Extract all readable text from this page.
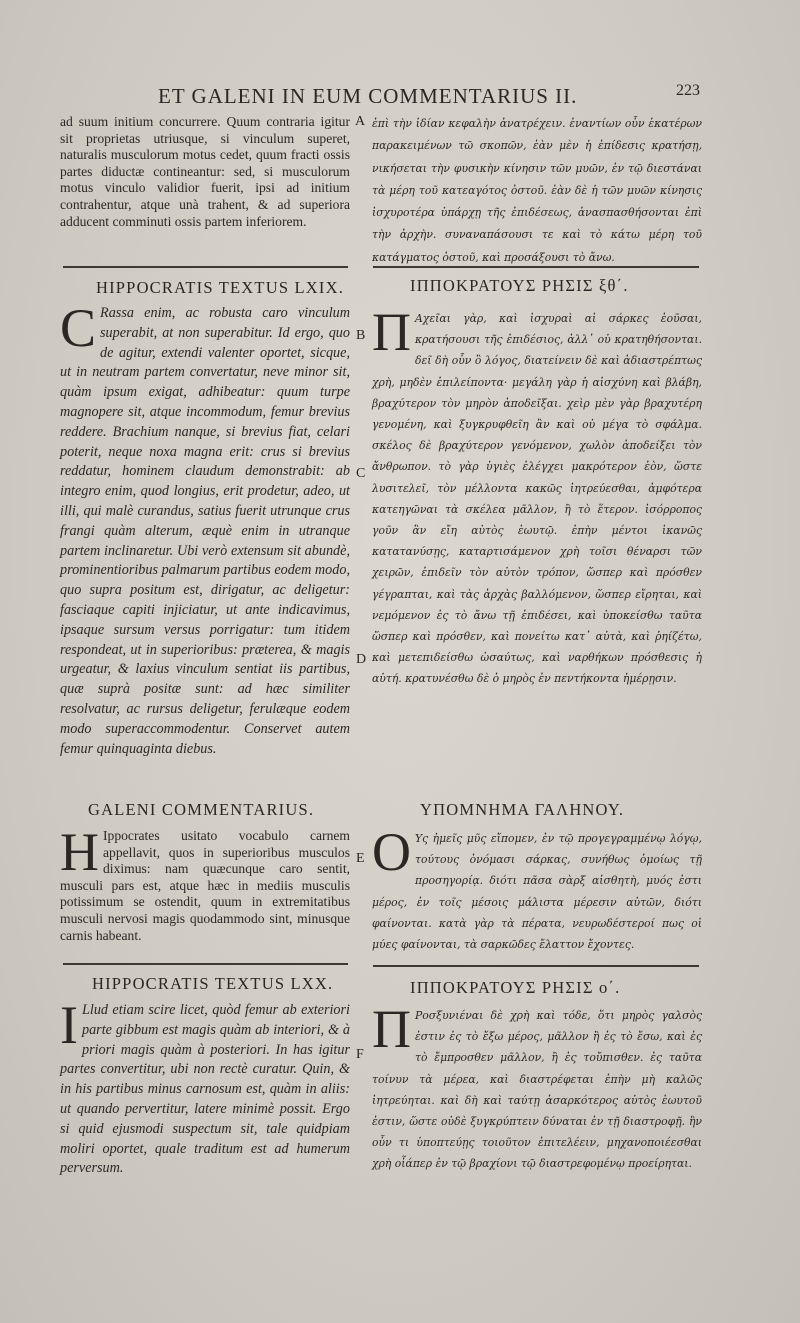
ET GALENI IN EUM COMMENTARIUS II.	223

ad suum initium concurrere. Quum contraria igitur sit proprietas utriusque, si vinculum superet, naturalis musculorum motus cedet, quum fracti ossis partes diductæ contineantur: sed, si musculorum motus vinculo validior fuerit, ipsi ad initium contrahentur, atque unà trahent, & ad superiora adducent comminuti ossis partem inferiorem.

ἐπὶ τὴν ἰδίαν κεφαλὴν ἀνατρέχειν. ἐναντίων οὖν ἑκατέρων παρακειμένων τῶ σκοπῶν, ἐὰν μὲν ἡ ἐπίδεσις κρατήσῃ, νικήσεται τὴν φυσικὴν κίνησιν τῶν μυῶν, ἐν τῷ διεστάναι τὰ μέρη τοῦ κατεαγότος ὀστοῦ. ἐὰν δὲ ἡ τῶν μυῶν κίνησις ἰσχυροτέρα ὑπάρχῃ τῆς ἐπιδέσεως, ἀνασπασθήσονται ἐπὶ τὴν ἀρχὴν. συναναπάσουσι τε καὶ τὸ κάτω μέρη τοῦ κατάγματος ὀστοῦ, καὶ προσάξουσι τὸ ἄνω.

HIPPOCRATIS TEXTUS LXIX.	ΙΠΠΟΚΡΑΤΟΥΣ ΡΗΣΙΣ ξθ΄.
C Rassa enim, ac robusta caro vinculum superabit, at non superabitur. Id ergo, quo de agitur, extendi valenter oportet, sicque, ut in neutram partem convertatur, neve minor sit, quàm ipsum exigat, adhibeatur: quum turpe magnopere sit, atque incommodum, femur brevius reddere. Brachium nanque, si brevius fiat, celari poterit, neque noxa magna erit: crus si brevius reddatur, hominem claudum demonstrabit: ab integro enim, quod longius, erit prodetur, adeo, ut illi, qui malè curandus, satius fuerit utrunque crus frangi quàm alterum, æquè enim in utranque partem inclinaretur. Ubi verò extensum sit abundè, prominentioribus palmarum partibus eodem modo, quo supra positum est, dirigatur, ac deligetur: fasciaque capiti injiciatur, ut ante indicavimus, ipsaque sursum versus porrigatur: tum itidem respondeat, ut in superioribus: præterea, & magis urgeatur, & laxius vinculum sentiat iis partibus, quæ suprà positæ sunt: ad hæc similiter resolvatur, ac rursus deligetur, ferulæque eodem modo superaccommodentur. Conservet autem femur quinquaginta diebus.

Π Αχεῖαι γὰρ, καὶ ἰσχυραὶ αἱ σάρκες ἐοῦσαι, κρατήσουσι τῆς ἐπιδέσιος, ἀλλ᾽ οὐ κρατηθήσονται. δεῖ δὴ οὖν ὃ λόγος, διατείνειν δὲ καὶ ἀδιαστρέπτως χρὴ, μηδὲν ἐπιλείποντα· μεγάλη γὰρ ἡ αἰσχύνη καὶ βλάβη, βραχύτερον τὸν μηρὸν ἀποδεῖξαι. χεὶρ μὲν γὰρ βραχυτέρη γενομένη, καὶ ξυγκρυφθεῖη ἂν καὶ οὐ μέγα τὸ σφάλμα. σκέλος δὲ βραχύτερον γενόμενον, χωλὸν ἀποδείξει τὸν ἄνθρωπον. τὸ γὰρ ὑγιὲς ἐλέγχει μακρότερον ἐὸν, ὥστε λυσιτελεῖ, τὸν μέλλοντα κακῶς ἰητρεύεσθαι, ἀμφότερα κατεηγῶναι τὰ σκέλεα μᾶλλον, ἢ τὸ ἕτερον. ἰσόρροπος γοῦν ἂν εἴη αὐτὸς ἑωυτῷ. ἐπὴν μέντοι ἱκανῶς κατατανύσῃς, καταρτισάμενον χρὴ τοῖσι θέναρσι τῶν χειρῶν, ἐπιδεῖν τὸν αὐτὸν τρόπον, ὥσπερ καὶ πρόσθεν γέγραπται, καὶ τὰς ἀρχὰς βαλλόμενον, ὥσπερ εἴρηται, καὶ νεμόμενον ἐς τὸ ἄνω τῇ ἐπιδέσει, καὶ ὑποκείσθω ταῦτα ὥσπερ καὶ πρόσθεν, καὶ πονείτω κατ᾽ αὐτὰ, καὶ ῥηίζέτω, καὶ μετεπιδείσθω ὡσαύτως, καὶ ναρθήκων πρόσθεσις ἡ αὐτή. κρατυνέσθω δὲ ὁ μηρὸς ἐν πεντήκοντα ἡμέρῃσιν.

GALENI COMMENTARIUS.	ΥΠΟΜΝΗΜΑ ΓΑΛΗΝΟΥ.
H Ippocrates usitato vocabulo carnem appellavit, quos in superioribus musculos diximus: nam quæcunque caro sentit, musculi pars est, atque hæc in mediis musculis potissimum se ostendit, quum in extremitatibus musculi nervosi magis quodammodo sint, minusque carnis habeant.

O Υς ἡμεῖς μῦς εἴπομεν, ἐν τῷ προγεγραμμένῳ λόγῳ, τούτους ὀνόμασι σάρκας, συνήθως ὁμοίως τῇ προσηγορίᾳ. διότι πᾶσα σὰρξ αἰσθητὴ, μυός ἐστι μέρος, ἐν τοῖς μέσοις μάλιστα μέρεσιν αὐτῶν, διότι φαίνονται. κατὰ γὰρ τὰ πέρατα, νευρωδέστεροί πως οἱ μύες φαίνονται, τὰ σαρκῶδες ἔλαττον ἔχοντες.

HIPPOCRATIS TEXTUS LXX.	ΙΠΠΟΚΡΑΤΟΥΣ ΡΗΣΙΣ ο΄.
I Llud etiam scire licet, quòd femur ab exteriori parte gibbum est magis quàm ab interiori, & à priori magis quàm à posteriori. In has igitur partes convertitur, ubi non rectè curatur. Quin, & in his partibus minus carnosum est, quàm in aliis: ut quando pervertitur, latere minimè possit. Ergo si quid ejusmodi suspectum sit, tale quidpiam moliri oportet, quale traditum est ad humerum perversum.

Π Ροσξυνιέναι δὲ χρὴ καὶ τόδε, ὅτι μηρὸς γαλσὸς ἐστιν ἐς τὸ ἔξω μέρος, μᾶλλον ἢ ἐς τὸ ἔσω, καὶ ἐς τὸ ἔμπροσθεν μᾶλλον, ἢ ἐς τοὔπισθεν. ἐς ταῦτα τοίνυν τὰ μέρεα, καὶ διαστρέφεται ἐπὴν μὴ καλῶς ἰητρεύηται. καὶ δὴ καὶ ταύτῃ ἀσαρκότερος αὐτὸς ἑωυτοῦ ἐστιν, ὥστε οὐδὲ ξυγκρύπτειν δύναται ἐν τῇ διαστροφῇ. ἢν οὖν τι ὑποπτεύῃς τοιοῦτον ἐπιτελέειν, μηχανοποιέεσθαι χρὴ οἷάπερ ἐν τῷ βραχίονι τῷ διαστρεφομένῳ προείρηται.

A
B
C
D
E
F
